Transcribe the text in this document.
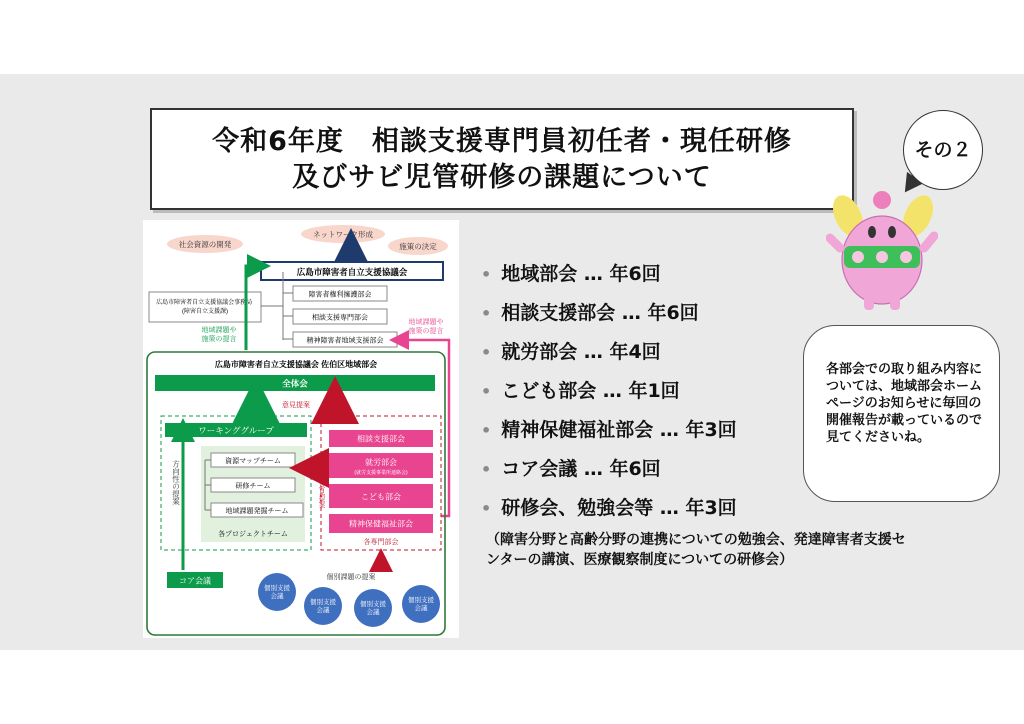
令和6年度　相談支援専門員初任者・現任研修
及びサビ児管研修の課題について
その２
社会資源の開発
ネットワーク形成
施策の決定
広島市障害者自立支援協議会
広島市障害者自立支援協議会事務局 (障害自立支援課)
障害者権利擁護部会
相談支援専門部会
精神障害者地域支援部会
地域課題や施策の提言
地域課題や施策の提言
広島市障害者自立支援協議会 佐伯区地域部会
全体会
意見提案
ワーキンググループ
資源マップチーム
研修チーム
地域課題発掘チーム
各プロジェクトチーム
方向性の提案
相談支援部会
就労部会
(就労支援事業所連絡会)
こども部会
精神保健福祉部会
各専門部会
意見提案
コア会議	個別課題の提案
個別支援会議
個別支援会議
個別支援会議
個別支援会議
• 地域部会 … 年6回
• 相談支援部会 … 年6回
• 就労部会 … 年4回
• こども部会 … 年1回
• 精神保健福祉部会 … 年3回
• コア会議 … 年6回
• 研修会、勉強会等 … 年3回
（障害分野と高齢分野の連携についての勉強会、発達障害者支援センターの講演、医療観察制度についての研修会）
各部会での取り組み内容については、地域部会ホームページのお知らせに毎回の開催報告が載っているので見てくださいね。
